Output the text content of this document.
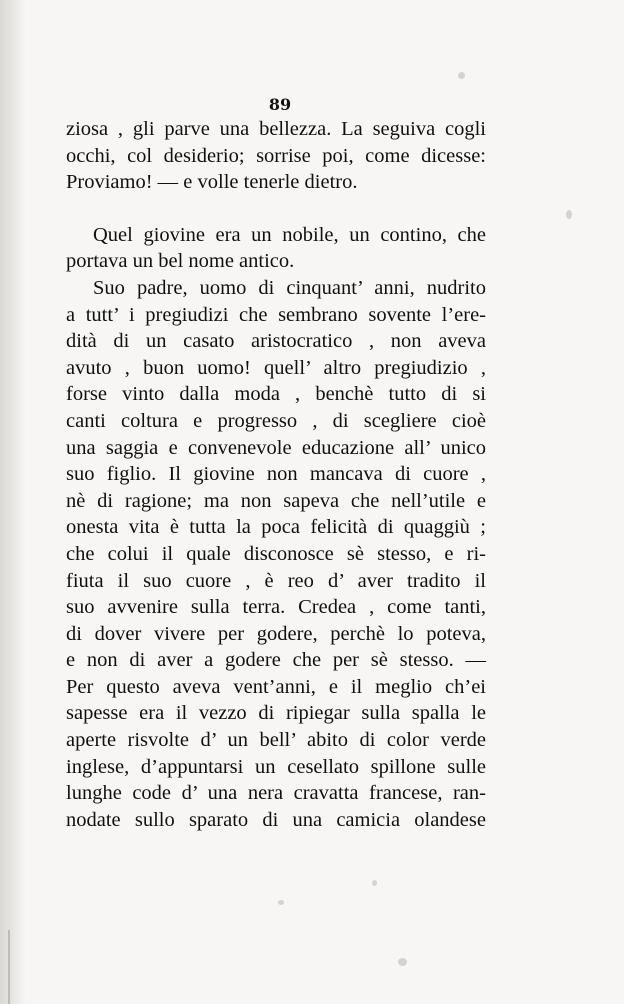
89
ziosa , gli parve una bellezza. La seguiva cogli
occhi, col desiderio; sorrise poi, come dicesse:
Proviamo! — e volle tenerle dietro.
Quel giovine era un nobile, un contino, che
portava un bel nome antico.
Suo padre, uomo di cinquant’ anni, nudrito
a tutt’ i pregiudizi che sembrano sovente l’ere-
dità di un casato aristocratico , non aveva
avuto , buon uomo! quell’ altro pregiudizio ,
forse vinto dalla moda , benchè tutto di si
canti coltura e progresso , di scegliere cioè
una saggia e convenevole educazione all’ unico
suo figlio. Il giovine non mancava di cuore ,
nè di ragione; ma non sapeva che nell’utile e
onesta vita è tutta la poca felicità di quaggiù ;
che colui il quale disconosce sè stesso, e ri-
fiuta il suo cuore , è reo d’ aver tradito il
suo avvenire sulla terra. Credea , come tanti,
di dover vivere per godere, perchè lo poteva,
e non di aver a godere che per sè stesso. —
Per questo aveva vent’anni, e il meglio ch’ei
sapesse era il vezzo di ripiegar sulla spalla le
aperte risvolte d’ un bell’ abito di color verde
inglese, d’appuntarsi un cesellato spillone sulle
lunghe code d’ una nera cravatta francese, ran-
nodate sullo sparato di una camicia olandese
